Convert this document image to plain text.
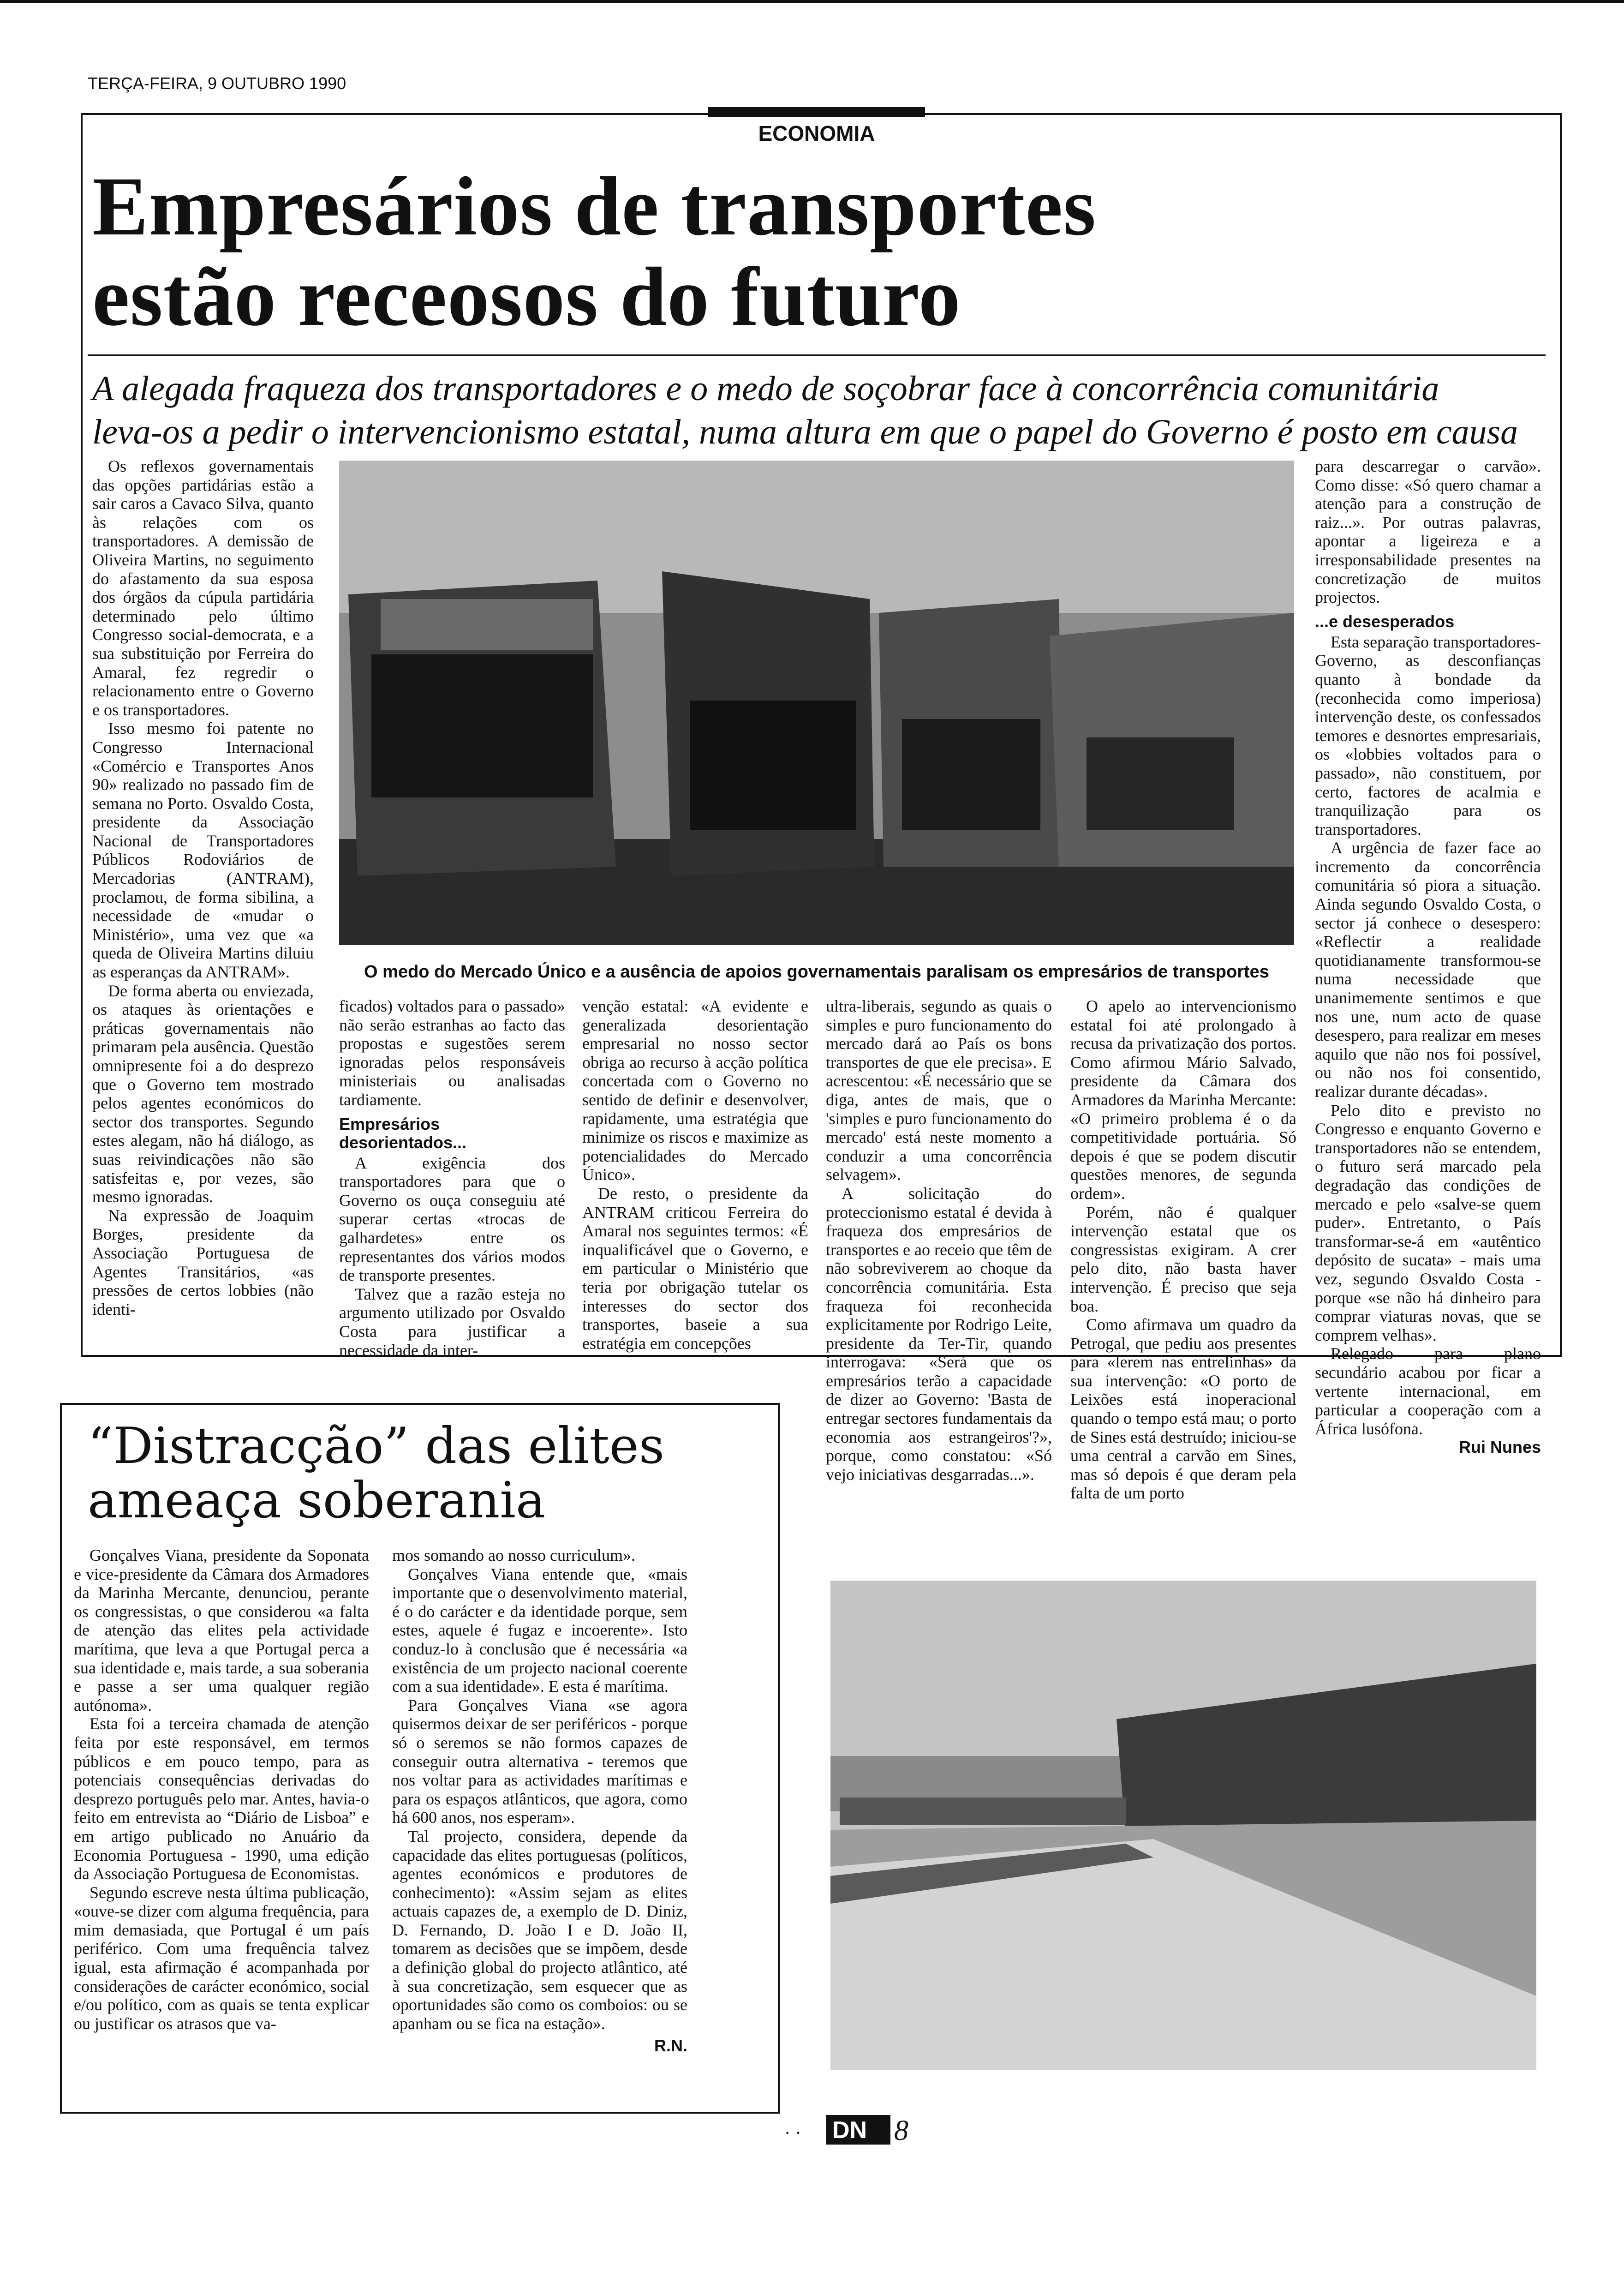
TERÇA-FEIRA, 9 OUTUBRO 1990
ECONOMIA
Empresários de transportes
estão receosos do futuro
A alegada fraqueza dos transportadores e o medo de soçobrar face à concorrência comunitária
leva-os a pedir o intervencionismo estatal, numa altura em que o papel do Governo é posto em causa

Os reflexos governamentais das opções partidárias estão a sair caros a Cavaco Silva, quanto às relações com os transportadores. A demissão de Oliveira Martins, no seguimento do afastamento da sua esposa dos órgãos da cúpula partidária determinado pelo último Congresso social-democrata, e a sua substituição por Ferreira do Amaral, fez regredir o relacionamento entre o Governo e os transportadores.

Isso mesmo foi patente no Congresso Internacional «Comércio e Transportes Anos 90» realizado no passado fim de semana no Porto. Osvaldo Costa, presidente da Associação Nacional de Transportadores Públicos Rodoviários de Mercadorias (ANTRAM), proclamou, de forma sibilina, a necessidade de «mudar o Ministério», uma vez que «a queda de Oliveira Martins diluiu as esperanças da ANTRAM».

De forma aberta ou enviezada, os ataques às orientações e práticas governamentais não primaram pela ausência. Questão omnipresente foi a do desprezo que o Governo tem mostrado pelos agentes económicos do sector dos transportes. Segundo estes alegam, não há diálogo, as suas reivindicações não são satisfeitas e, por vezes, são mesmo ignoradas.

Na expressão de Joaquim Borges, presidente da Associação Portuguesa de Agentes Transitários, «as pressões de certos lobbies (não identi-

O medo do Mercado Único e a ausência de apoios governamentais paralisam os empresários de transportes

ficados) voltados para o passado» não serão estranhas ao facto das propostas e sugestões serem ignoradas pelos responsáveis ministeriais ou analisadas tardiamente.

Empresários desorientados...

A exigência dos transportadores para que o Governo os ouça conseguiu até superar certas «trocas de galhardetes» entre os representantes dos vários modos de transporte presentes.

Talvez que a razão esteja no argumento utilizado por Osvaldo Costa para justificar a necessidade da inter-

venção estatal: «A evidente e generalizada desorientação empresarial no nosso sector obriga ao recurso à acção política concertada com o Governo no sentido de definir e desenvolver, rapidamente, uma estratégia que minimize os riscos e maximize as potencialidades do Mercado Único».

De resto, o presidente da ANTRAM criticou Ferreira do Amaral nos seguintes termos: «É inqualificável que o Governo, e em particular o Ministério que teria por obrigação tutelar os interesses do sector dos transportes, baseie a sua estratégia em concepções

ultra-liberais, segundo as quais o simples e puro funcionamento do mercado dará ao País os bons transportes de que ele precisa». E acrescentou: «É necessário que se diga, antes de mais, que o 'simples e puro funcionamento do mercado' está neste momento a conduzir a uma concorrência selvagem».

A solicitação do proteccionismo estatal é devida à fraqueza dos empresários de transportes e ao receio que têm de não sobreviverem ao choque da concorrência comunitária. Esta fraqueza foi reconhecida explicitamente por Rodrigo Leite, presidente da Ter-Tir, quando interrogava: «Será que os empresários terão a capacidade de dizer ao Governo: 'Basta de entregar sectores fundamentais da economia aos estrangeiros'?», porque, como constatou: «Só vejo iniciativas desgarradas...».

O apelo ao intervencionismo estatal foi até prolongado à recusa da privatização dos portos. Como afirmou Mário Salvado, presidente da Câmara dos Armadores da Marinha Mercante: «O primeiro problema é o da competitividade portuária. Só depois é que se podem discutir questões menores, de segunda ordem».

Porém, não é qualquer intervenção estatal que os congressistas exigiram. A crer pelo dito, não basta haver intervenção. É preciso que seja boa.

Como afirmava um quadro da Petrogal, que pediu aos presentes para «lerem nas entrelinhas» da sua intervenção: «O porto de Leixões está inoperacional quando o tempo está mau; o porto de Sines está destruído; iniciou-se uma central a carvão em Sines, mas só depois é que deram pela falta de um porto

para descarregar o carvão». Como disse: «Só quero chamar a atenção para a construção de raiz...». Por outras palavras, apontar a ligeireza e a irresponsabilidade presentes na concretização de muitos projectos.

...e desesperados

Esta separação transportadores-Governo, as desconfianças quanto à bondade da (reconhecida como imperiosa) intervenção deste, os confessados temores e desnortes empresariais, os «lobbies voltados para o passado», não constituem, por certo, factores de acalmia e tranquilização para os transportadores.

A urgência de fazer face ao incremento da concorrência comunitária só piora a situação. Ainda segundo Osvaldo Costa, o sector já conhece o desespero: «Reflectir a realidade quotidianamente transformou-se numa necessidade que unanimemente sentimos e que nos une, num acto de quase desespero, para realizar em meses aquilo que não nos foi possível, ou não nos foi consentido, realizar durante décadas».

Pelo dito e previsto no Congresso e enquanto Governo e transportadores não se entendem, o futuro será marcado pela degradação das condições de mercado e pelo «salve-se quem puder». Entretanto, o País transformar-se-á em «autêntico depósito de sucata» - mais uma vez, segundo Osvaldo Costa - porque «se não há dinheiro para comprar viaturas novas, que se comprem velhas».

Relegado para plano secundário acabou por ficar a vertente internacional, em particular a cooperação com a África lusófona.

Rui Nunes
“Distracção” das elites
ameaça soberania

Gonçalves Viana, presidente da Soponata e vice-presidente da Câmara dos Armadores da Marinha Mercante, denunciou, perante os congressistas, o que considerou «a falta de atenção das elites pela actividade marítima, que leva a que Portugal perca a sua identidade e, mais tarde, a sua soberania e passe a ser uma qualquer região autónoma».

Esta foi a terceira chamada de atenção feita por este responsável, em termos públicos e em pouco tempo, para as potenciais consequências derivadas do desprezo português pelo mar. Antes, havia-o feito em entrevista ao “Diário de Lisboa” e em artigo publicado no Anuário da Economia Portuguesa - 1990, uma edição da Associação Portuguesa de Economistas.

Segundo escreve nesta última publicação, «ouve-se dizer com alguma frequência, para mim demasiada, que Portugal é um país periférico. Com uma frequência talvez igual, esta afirmação é acompanhada por considerações de carácter económico, social e/ou político, com as quais se tenta explicar ou justificar os atrasos que va-

mos somando ao nosso curriculum».

Gonçalves Viana entende que, «mais importante que o desenvolvimento material, é o do carácter e da identidade porque, sem estes, aquele é fugaz e incoerente». Isto conduz-lo à conclusão que é necessária «a existência de um projecto nacional coerente com a sua identidade». E esta é marítima.

Para Gonçalves Viana «se agora quisermos deixar de ser periféricos - porque só o seremos se não formos capazes de conseguir outra alternativa - teremos que nos voltar para as actividades marítimas e para os espaços atlânticos, que agora, como há 600 anos, nos esperam».

Tal projecto, considera, depende da capacidade das elites portuguesas (políticos, agentes económicos e produtores de conhecimento): «Assim sejam as elites actuais capazes de, a exemplo de D. Diniz, D. Fernando, D. João I e D. João II, tomarem as decisões que se impõem, desde a definição global do projecto atlântico, até à sua concretização, sem esquecer que as oportunidades são como os comboios: ou se apanham ou se fica na estação».

R.N.
· · DN 8
